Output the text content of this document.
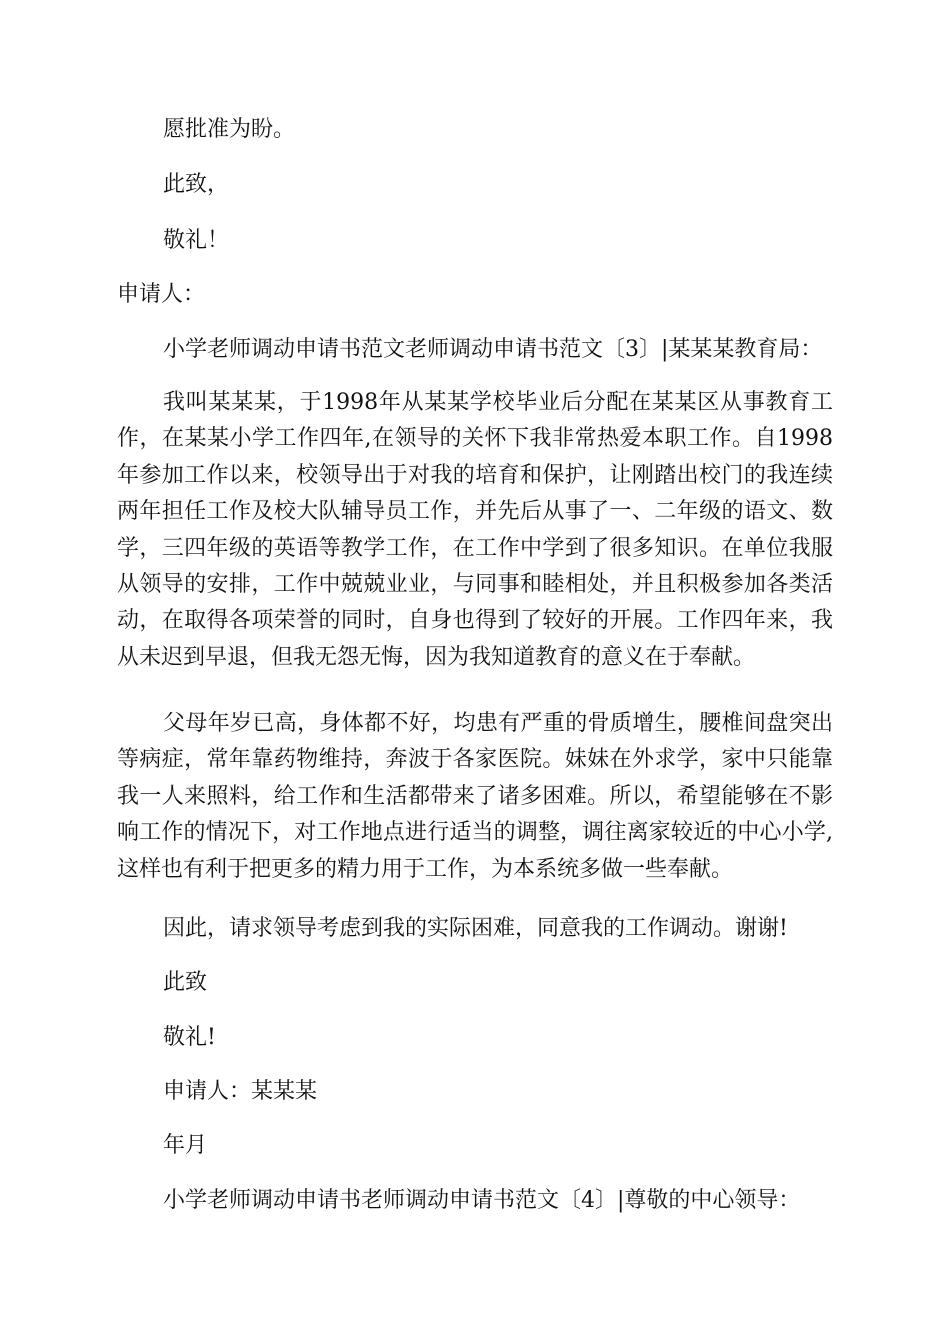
愿批准为盼。
此致，
敬礼！
申请人：
小学老师调动申请书范文老师调动申请书范文〔3〕|某某某教育局：

我叫某某某，于1998年从某某学校毕业后分配在某某区从事教育工作，在某某小学工作四年,在领导的关怀下我非常热爱本职工作。自1998年参加工作以来，校领导出于对我的培育和保护，让刚踏出校门的我连续两年担任工作及校大队辅导员工作，并先后从事了一、二年级的语文、数学，三四年级的英语等教学工作，在工作中学到了很多知识。在单位我服从领导的安排，工作中兢兢业业，与同事和睦相处，并且积极参加各类活动，在取得各项荣誉的同时，自身也得到了较好的开展。工作四年来，我从未迟到早退，但我无怨无悔，因为我知道教育的意义在于奉献。

父母年岁已高，身体都不好，均患有严重的骨质增生，腰椎间盘突出等病症，常年靠药物维持，奔波于各家医院。妹妹在外求学，家中只能靠我一人来照料，给工作和生活都带来了诸多困难。所以，希望能够在不影响工作的情况下，对工作地点进行适当的调整，调往离家较近的中心小学,这样也有利于把更多的精力用于工作，为本系统多做一些奉献。

因此，请求领导考虑到我的实际困难，同意我的工作调动。谢谢!
此致
敬礼!
申请人：某某某
年月
小学老师调动申请书老师调动申请书范文〔4〕|尊敬的中心领导：
